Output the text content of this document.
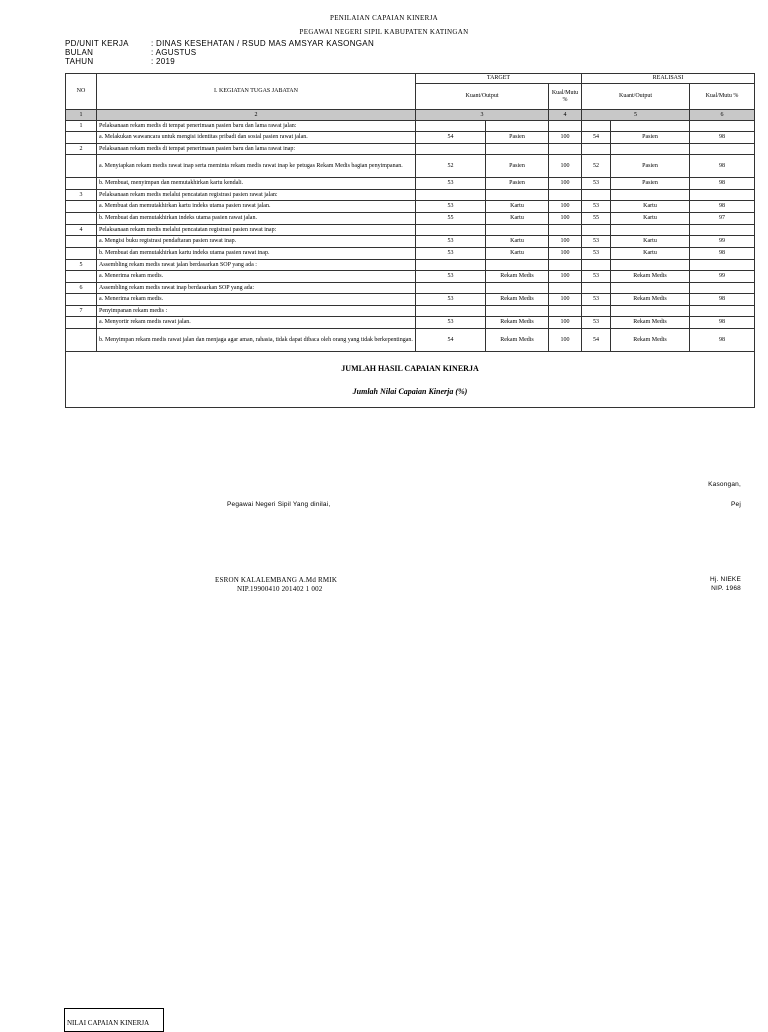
PENILAIAN CAPAIAN KINERJA
PEGAWAI NEGERI SIPIL KABUPATEN KATINGAN
PD/UNIT KERJA	: DINAS KESEHATAN / RSUD MAS AMSYAR KASONGAN
BULAN	: AGUSTUS
TAHUN	: 2019
NO	I. KEGIATAN TUGAS JABATAN	TARGET			REALISASI		
		Kuant/Output		Kual/Mutu %	Kuant/Output		Kual/Mutu %
1	2	3		4	5		6
1	Pelaksanaan rekam medis di tempat penerimaan pasien baru dan lama rawat jalan:						
	a. Melakukan wawancara untuk mengisi identitas pribadi dan sosial pasien rawat jalan.	54	Pasien	100	54	Pasien	98
2	Pelaksanaan rekam medis di tempat penerimaan pasien baru dan lama rawat inap:						
	a. Menyiapkan rekam medis rawat inap serta meminta rekam medis rawat inap ke petugas Rekam Medis bagian penyimpanan.	52	Pasien	100	52	Pasien	98
	b. Membuat, menyimpan dan memutakhirkan kartu kendali.	53	Pasien	100	53	Pasien	98
3	Pelaksanaan rekam medis melalui pencatatan registrasi pasien rawat jalan:						
	a. Membuat dan memutakhirkan kartu indeks utama pasien rawat jalan.	53	Kartu	100	53	Kartu	98
	b. Membuat dan memutakhirkan indeks utama pasien rawat jalan.	55	Kartu	100	55	Kartu	97
4	Pelaksanaan rekam medis melalui pencatatan registrasi pasien rawat inap:						
	a. Mengisi buku registrasi pendaftaran pasien rawat inap.	53	Kartu	100	53	Kartu	99
	b. Membuat dan memutakhirkan kartu indeks utama pasien rawat inap.	53	Kartu	100	53	Kartu	98
5	Assembling rekam medis rawat jalan berdasarkan SOP yang ada :						
	a. Menerima rekam medis.	53	Rekam Medis	100	53	Rekam Medis	99
6	Assembling rekam medis rawat inap berdasarkan SOP yang ada:						
	a. Menerima rekam medis.	53	Rekam Medis	100	53	Rekam Medis	98
7	Penyimpanan rekam medis :						
	a. Menyortir rekam medis rawat jalan.	53	Rekam Medis	100	53	Rekam Medis	98
	b. Menyimpan rekam medis rawat jalan dan menjaga agar aman, rahasia, tidak dapat dibaca oleh orang yang tidak berkepentingan.	54	Rekam Medis	100	54	Rekam Medis	98

JUMLAH HASIL CAPAIAN KINERJA
Jumlah Nilai Capaian Kinerja (%)							
Kasongan,
Pegawai Negeri Sipil Yang dinilai,	Pej
ESRON KALALEMBANG A.Md RMIK
NIP.19900410 201402 1 002
Hj. NIEKE
NIP. 1968
NILAI CAPAIAN KINERJA
